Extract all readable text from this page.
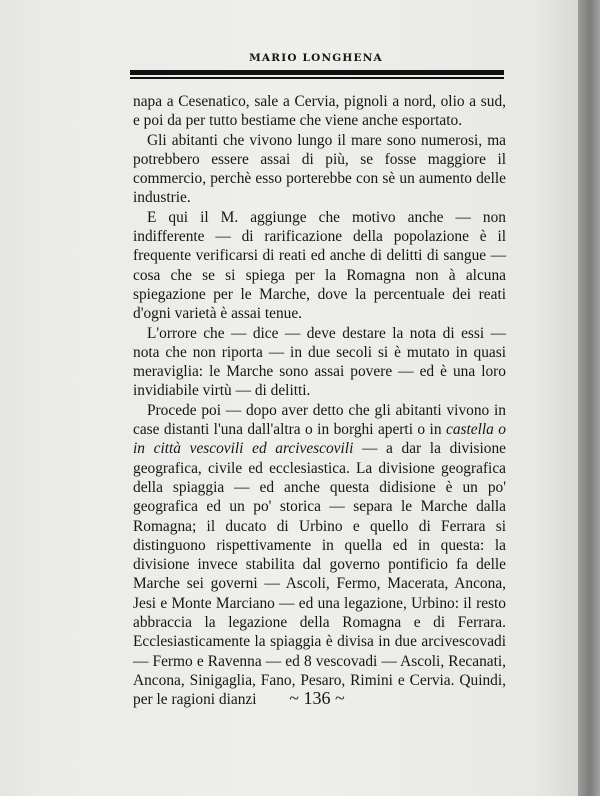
MARIO LONGHENA

napa a Cesenatico, sale a Cervia, pignoli a nord, olio a sud, e poi da per tutto bestiame che viene anche esportato.

Gli abitanti che vivono lungo il mare sono numerosi, ma potrebbero essere assai di più, se fosse maggiore il commercio, perchè esso porterebbe con sè un aumento delle industrie.

E qui il M. aggiunge che motivo anche — non indifferente — di rarificazione della popolazione è il frequente verificarsi di reati ed anche di delitti di sangue — cosa che se si spiega per la Romagna non à alcuna spiegazione per le Marche, dove la percentuale dei reati d'ogni varietà è assai tenue.

L'orrore che — dice — deve destare la nota di essi — nota che non riporta — in due secoli si è mutato in quasi meraviglia: le Marche sono assai povere — ed è una loro invidiabile virtù — di delitti.

Procede poi — dopo aver detto che gli abitanti vivono in case distanti l'una dall'altra o in borghi aperti o in castella o in città vescovili ed arcivescovili — a dar la divisione geografica, civile ed ecclesiastica. La divisione geografica della spiaggia — ed anche questa didisione è un po' geografica ed un po' storica — separa le Marche dalla Romagna; il ducato di Urbino e quello di Ferrara si distinguono rispettivamente in quella ed in questa: la divisione invece stabilita dal governo pontificio fa delle Marche sei governi — Ascoli, Fermo, Macerata, Ancona, Jesi e Monte Marciano — ed una legazione, Urbino: il resto abbraccia la legazione della Romagna e di Ferrara. Ecclesiasticamente la spiaggia è divisa in due arcivescovadi — Fermo e Ravenna — ed 8 vescovadi — Ascoli, Recanati, Ancona, Sinigaglia, Fano, Pesaro, Rimini e Cervia. Quindi, per le ragioni dianzi	~ 136 ~
